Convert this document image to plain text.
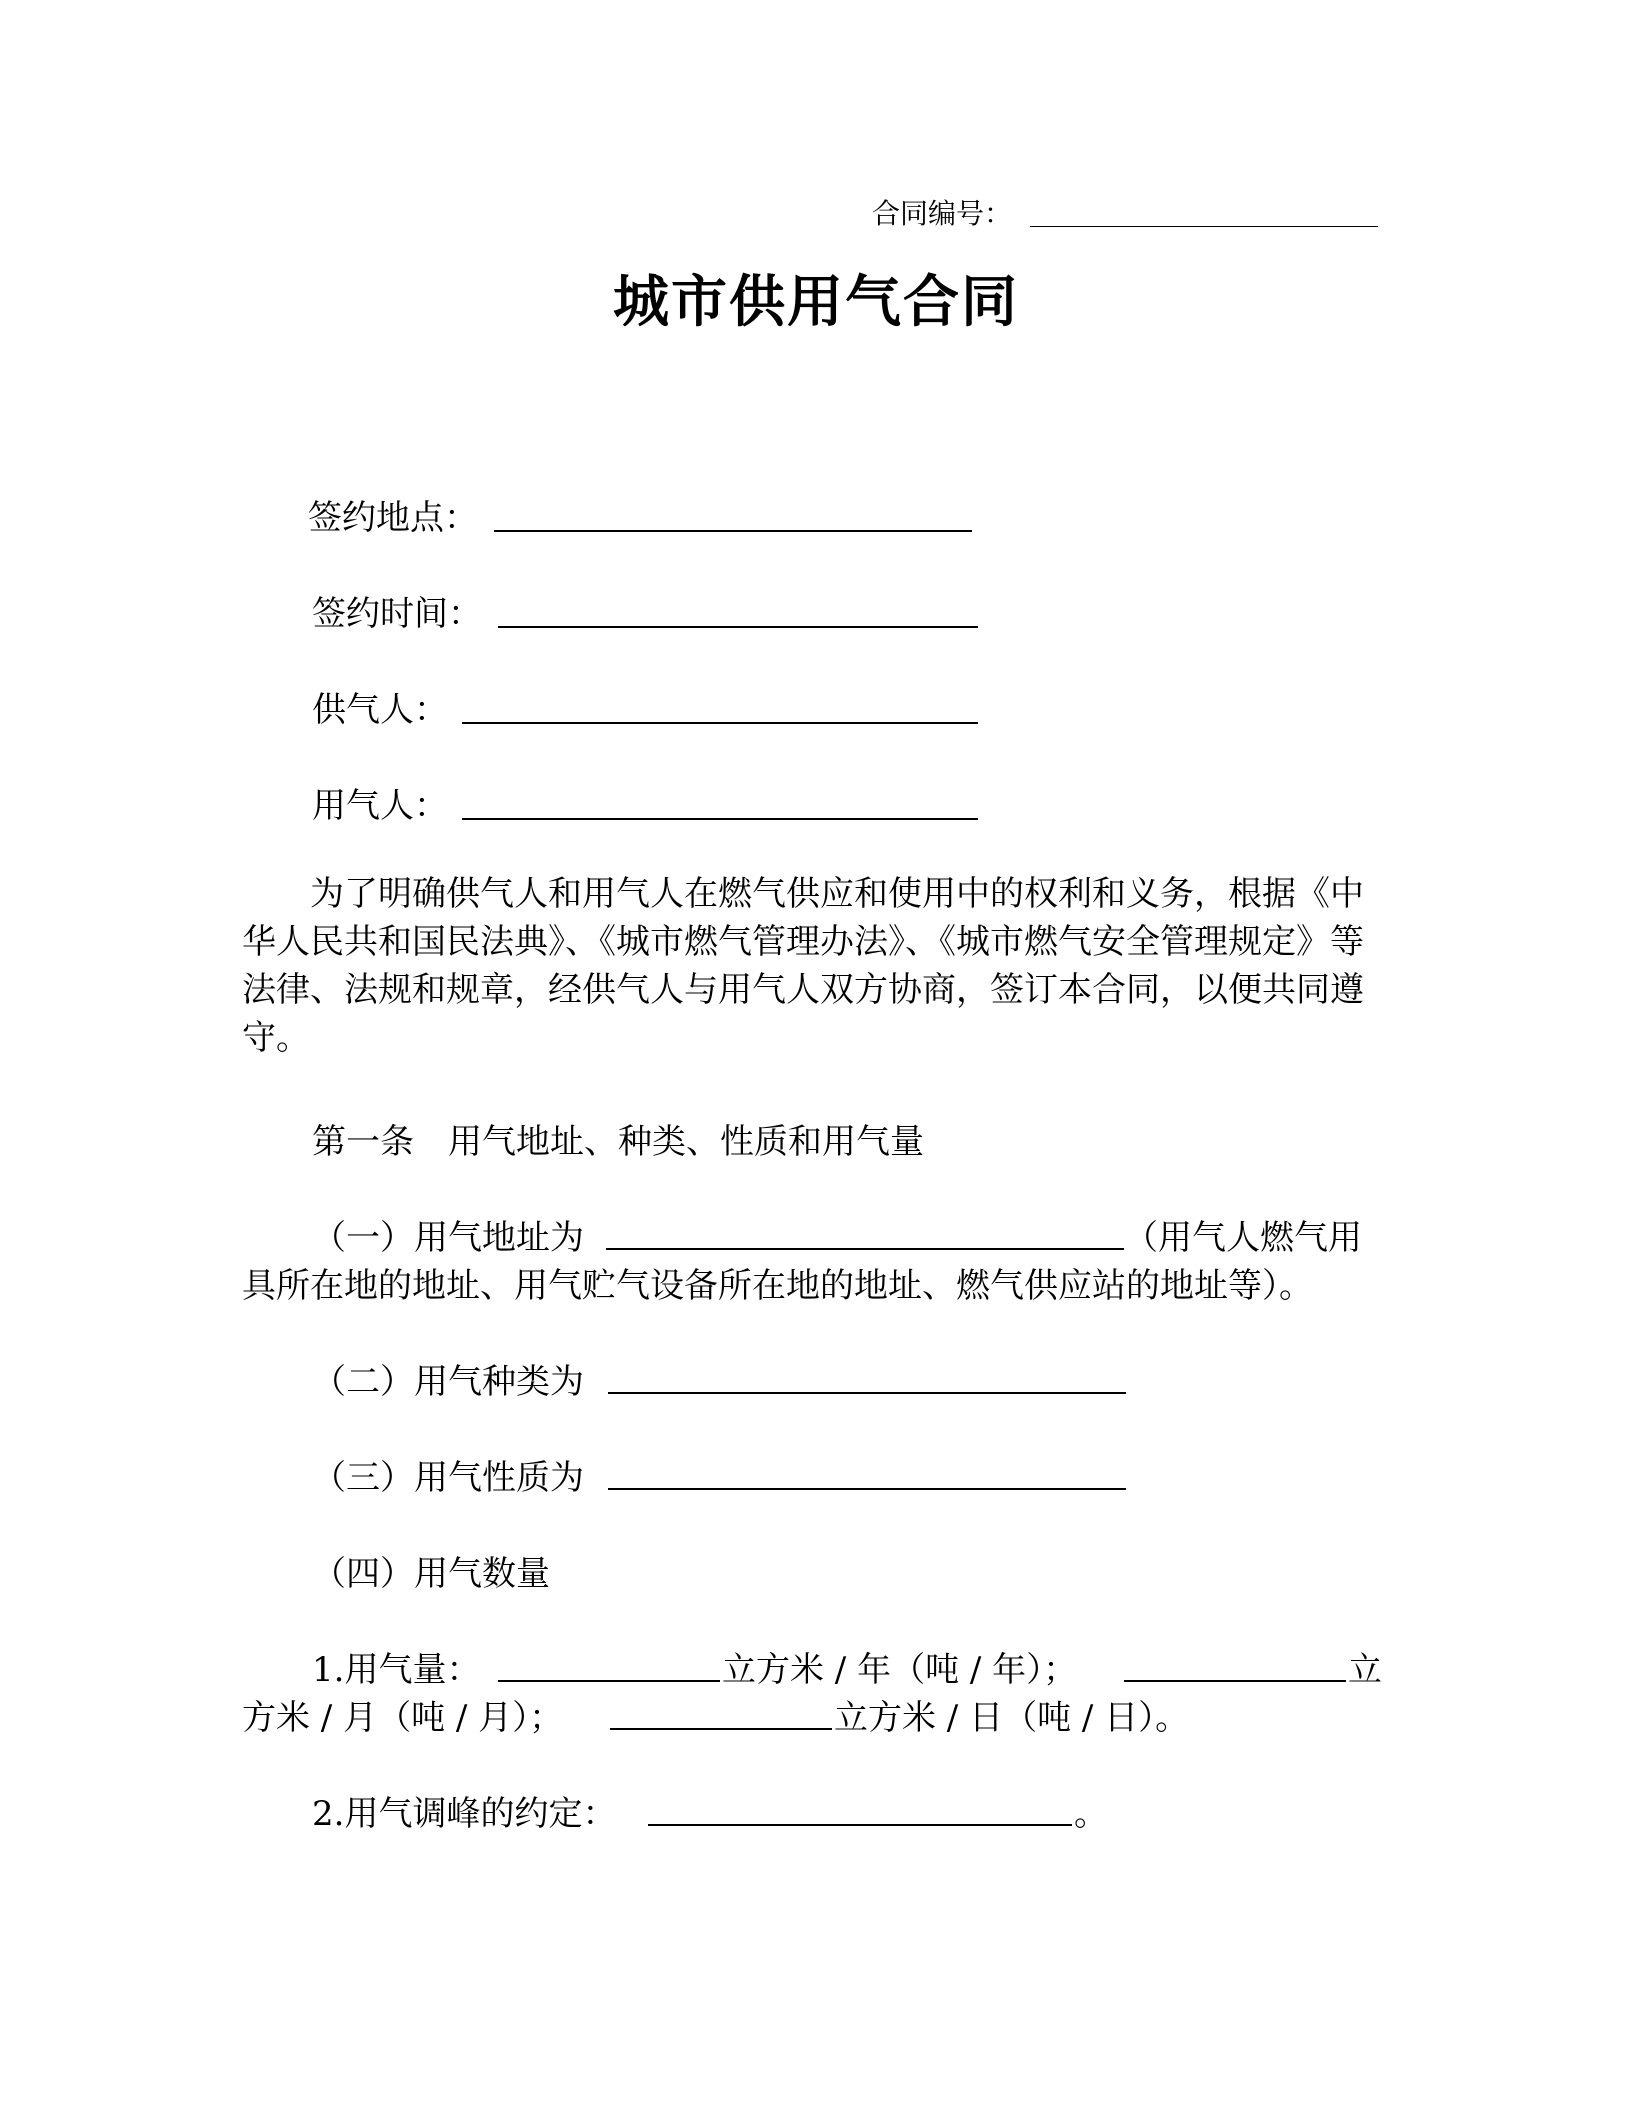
合同编号：
城市供用气合同
签约地点：
签约时间：
供气人：
用气人：
为了明确供气人和用气人在燃气供应和使用中的权利和义务，根据《中华人民共和国民法典》、《城市燃气管理办法》、《城市燃气安全管理规定》等法律、法规和规章，经供气人与用气人双方协商，签订本合同，以便共同遵守。
第一条　用气地址、种类、性质和用气量
（一）用气地址为	（用气人燃气用
具所在地的地址、用气贮气设备所在地的地址、燃气供应站的地址等）。
（二）用气种类为
（三）用气性质为
（四）用气数量
1.用气量：	立方米 / 年（吨 / 年）；	立
方米 / 月（吨 / 月）；	立方米 / 日（吨 / 日）。
2.用气调峰的约定：	。
